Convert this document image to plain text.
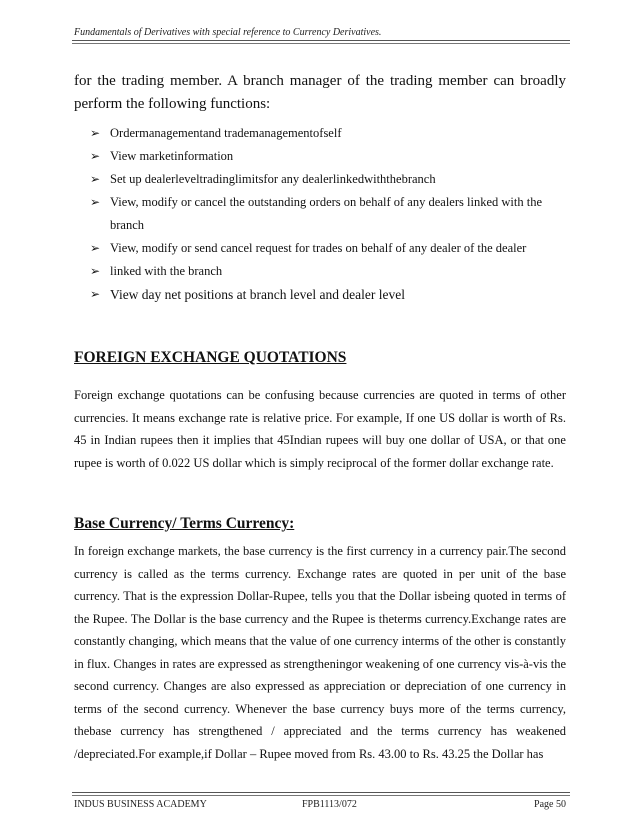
Fundamentals of Derivatives with special reference to Currency Derivatives.

for the trading member. A branch manager of the trading member can broadly perform the following functions:

➢ Ordermanagementand trademanagementofself
➢ View marketinformation
➢ Set up dealerleveltradinglimitsfor any dealerlinkedwiththebranch
➢ View, modify or cancel the outstanding orders on behalf of any dealers linked with the branch
➢ View, modify or send cancel request for trades on behalf of any dealer of the dealer
➢ linked with the branch
➢ View day net positions at branch level and dealer level
FOREIGN EXCHANGE QUOTATIONS

Foreign exchange quotations can be confusing because currencies are quoted in terms of other currencies. It means exchange rate is relative price. For example, If one US dollar is worth of Rs. 45 in Indian rupees then it implies that 45Indian rupees will buy one dollar of USA, or that one rupee is worth of 0.022 US dollar which is simply reciprocal of the former dollar exchange rate.

Base Currency/ Terms Currency:

In foreign exchange markets, the base currency is the first currency in a currency pair.The second currency is called as the terms currency. Exchange rates are quoted in per unit of the base currency. That is the expression Dollar-Rupee, tells you that the Dollar isbeing quoted in terms of the Rupee. The Dollar is the base currency and the Rupee is theterms currency.Exchange rates are constantly changing, which means that the value of one currency interms of the other is constantly in flux. Changes in rates are expressed as strengtheningor weakening of one currency vis-à-vis the second currency. Changes are also expressed as appreciation or depreciation of one currency in terms of the second currency. Whenever the base currency buys more of the terms currency, thebase currency has strengthened / appreciated and the terms currency has weakened /depreciated.For example,if Dollar – Rupee moved from Rs. 43.00 to Rs. 43.25 the Dollar has

INDUS BUSINESS ACADEMY	FPB1113/072	Page 50
